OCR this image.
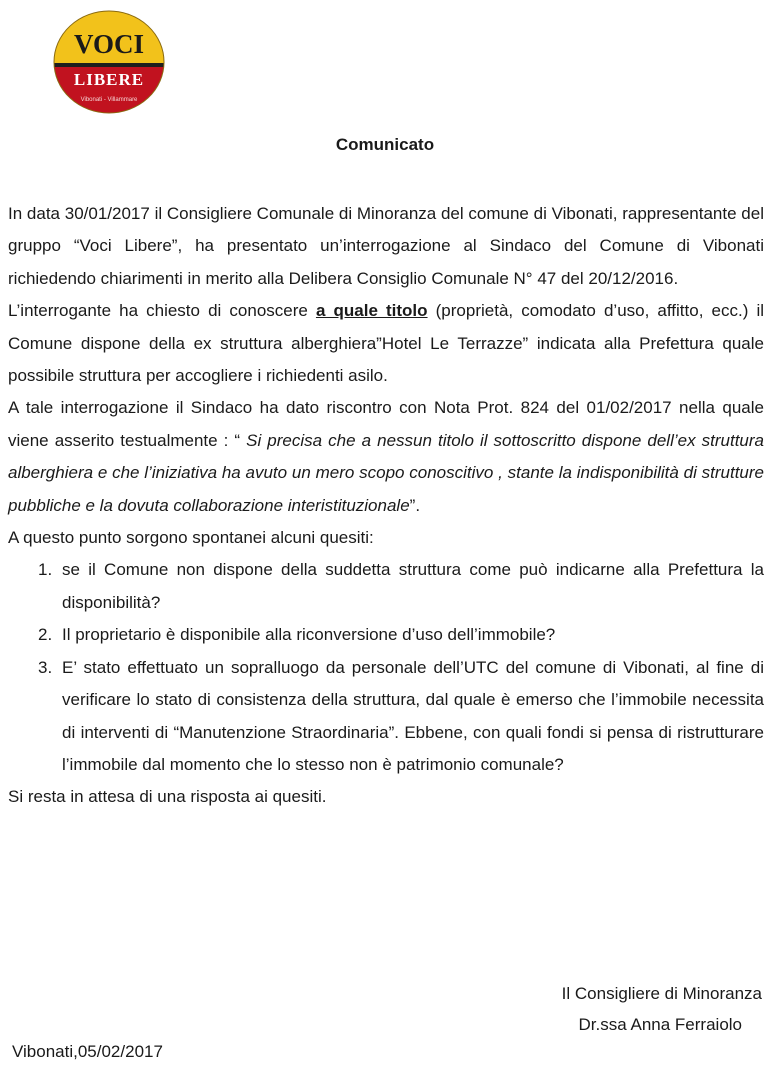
VOCI
LIBERE
Vibonati - Villammare
Comunicato

In data 30/01/2017 il Consigliere Comunale di Minoranza del comune di Vibonati, rappresentante del gruppo “Voci Libere”, ha presentato un’interrogazione al Sindaco del Comune di Vibonati richiedendo chiarimenti in merito alla Delibera Consiglio Comunale N° 47 del 20/12/2016.

L’interrogante ha chiesto di conoscere a quale titolo (proprietà, comodato d’uso, affitto, ecc.) il Comune dispone della ex struttura alberghiera”Hotel Le Terrazze” indicata alla Prefettura quale possibile struttura per accogliere i richiedenti asilo.

A tale interrogazione il Sindaco ha dato riscontro con Nota Prot. 824 del 01/02/2017 nella quale viene asserito testualmente : “ Si precisa che a nessun titolo il sottoscritto dispone dell’ex struttura alberghiera e che l’iniziativa ha avuto un mero scopo conoscitivo , stante la indisponibilità di strutture pubbliche e la dovuta collaborazione interistituzionale”.

A questo punto sorgono spontanei alcuni quesiti:

1. se il Comune non dispone della suddetta struttura come può indicarne alla Prefettura la disponibilità?
2. Il proprietario è disponibile alla riconversione d’uso dell’immobile?
3. E’ stato effettuato un sopralluogo da personale dell’UTC del comune di Vibonati, al fine di verificare lo stato di consistenza della struttura, dal quale è emerso che l’immobile necessita di interventi di “Manutenzione Straordinaria”. Ebbene, con quali fondi si pensa di ristrutturare l’immobile dal momento che lo stesso non è patrimonio comunale?

Si resta in attesa di una risposta ai quesiti.

Il Consigliere di Minoranza
Dr.ssa Anna Ferraiolo
Vibonati,05/02/2017
